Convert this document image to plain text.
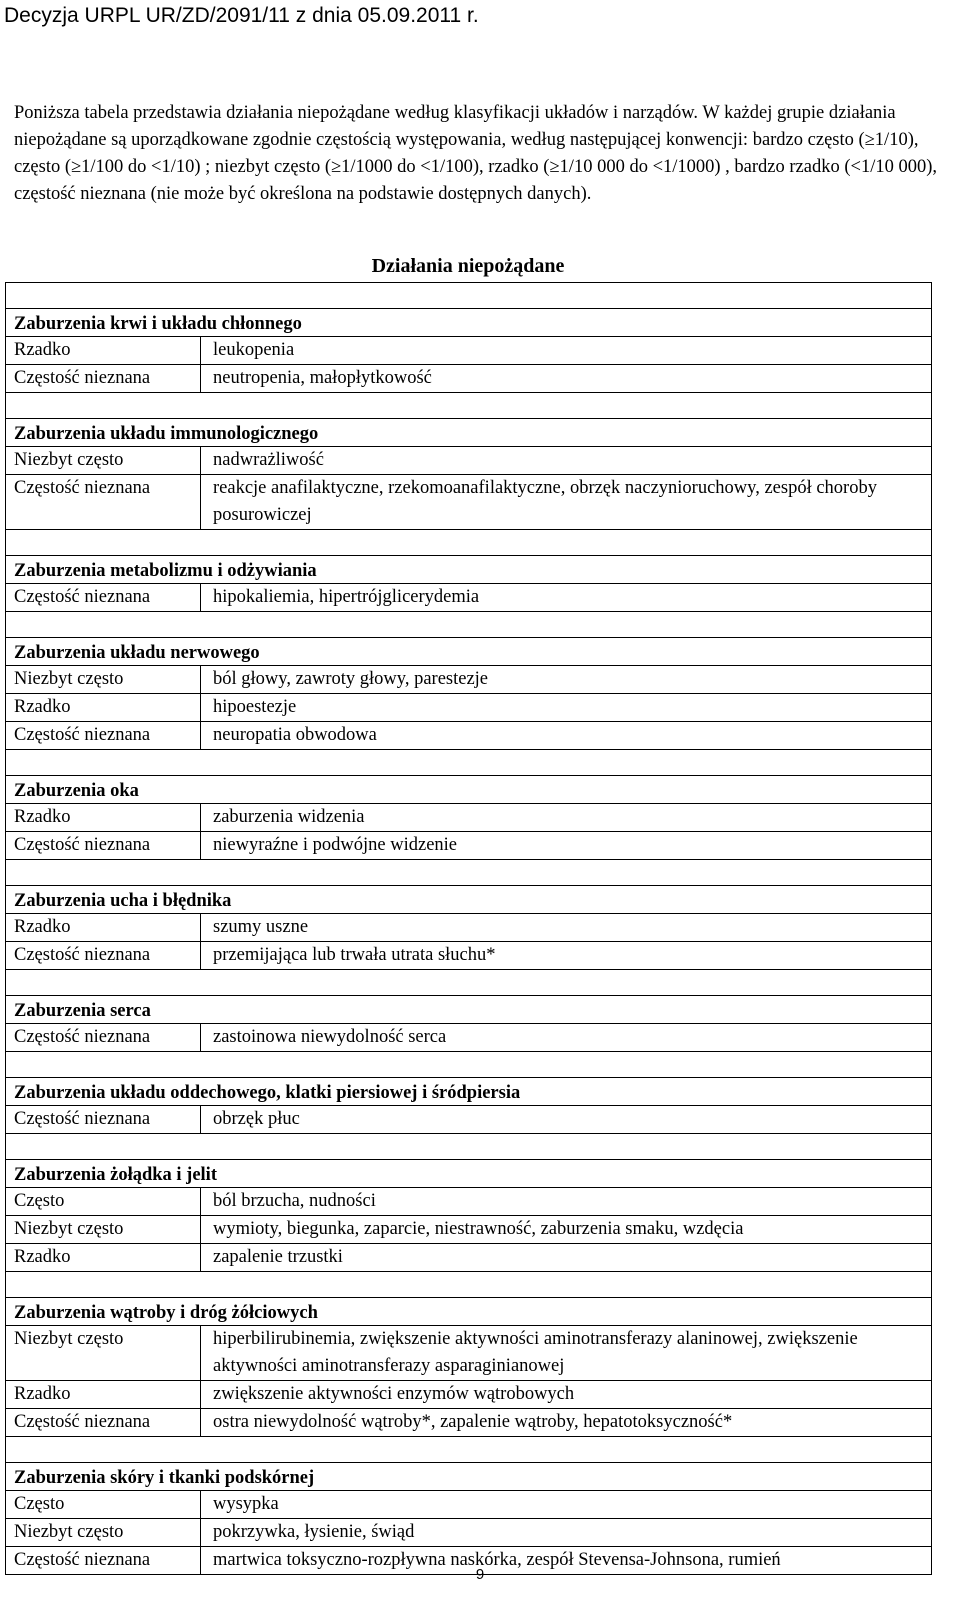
Decyzja URPL UR/ZD/2091/11 z dnia 05.09.2011 r.
Poniższa tabela przedstawia działania niepożądane według klasyfikacji układów i narządów. W każdej grupie działania niepożądane są uporządkowane zgodnie częstością występowania, według następującej konwencji: bardzo często (≥1/10), często (≥1/100 do <1/10) ; niezbyt często (≥1/1000 do <1/100), rzadko (≥1/10 000 do <1/1000) , bardzo rzadko (<1/10 000), częstość nieznana (nie może być określona na podstawie dostępnych danych).
Działania niepożądane
Zaburzenia krwi i układu chłonnego
Rzadko	leukopenia
Częstość nieznana	neutropenia, małopłytkowość
Zaburzenia układu immunologicznego
Niezbyt często	nadwrażliwość
Częstość nieznana	reakcje anafilaktyczne, rzekomoanafilaktyczne, obrzęk naczynioruchowy, zespół choroby posurowiczej
Zaburzenia metabolizmu i odżywiania
Częstość nieznana	hipokaliemia, hipertrójglicerydemia
Zaburzenia układu nerwowego
Niezbyt często	ból głowy, zawroty głowy, parestezje
Rzadko	hipoestezje
Częstość nieznana	neuropatia obwodowa
Zaburzenia oka
Rzadko	zaburzenia widzenia
Częstość nieznana	niewyraźne i podwójne widzenie
Zaburzenia ucha i błędnika
Rzadko	szumy uszne
Częstość nieznana	przemijająca lub trwała utrata słuchu*
Zaburzenia serca
Częstość nieznana	zastoinowa niewydolność serca
Zaburzenia układu oddechowego, klatki piersiowej i śródpiersia
Częstość nieznana	obrzęk płuc
Zaburzenia żołądka i jelit
Często	ból brzucha, nudności
Niezbyt często	wymioty, biegunka, zaparcie, niestrawność, zaburzenia smaku, wzdęcia
Rzadko	zapalenie trzustki
Zaburzenia wątroby i dróg żółciowych
Niezbyt często	hiperbilirubinemia, zwiększenie aktywności aminotransferazy alaninowej, zwiększenie aktywności aminotransferazy asparaginianowej
Rzadko	zwiększenie aktywności enzymów wątrobowych
Częstość nieznana	ostra niewydolność wątroby*, zapalenie wątroby, hepatotoksyczność*
Zaburzenia skóry i tkanki podskórnej
Często	wysypka
Niezbyt często	pokrzywka, łysienie, świąd
Częstość nieznana	martwica toksyczno-rozpływna naskórka, zespół Stevensa-Johnsona, rumień
9
